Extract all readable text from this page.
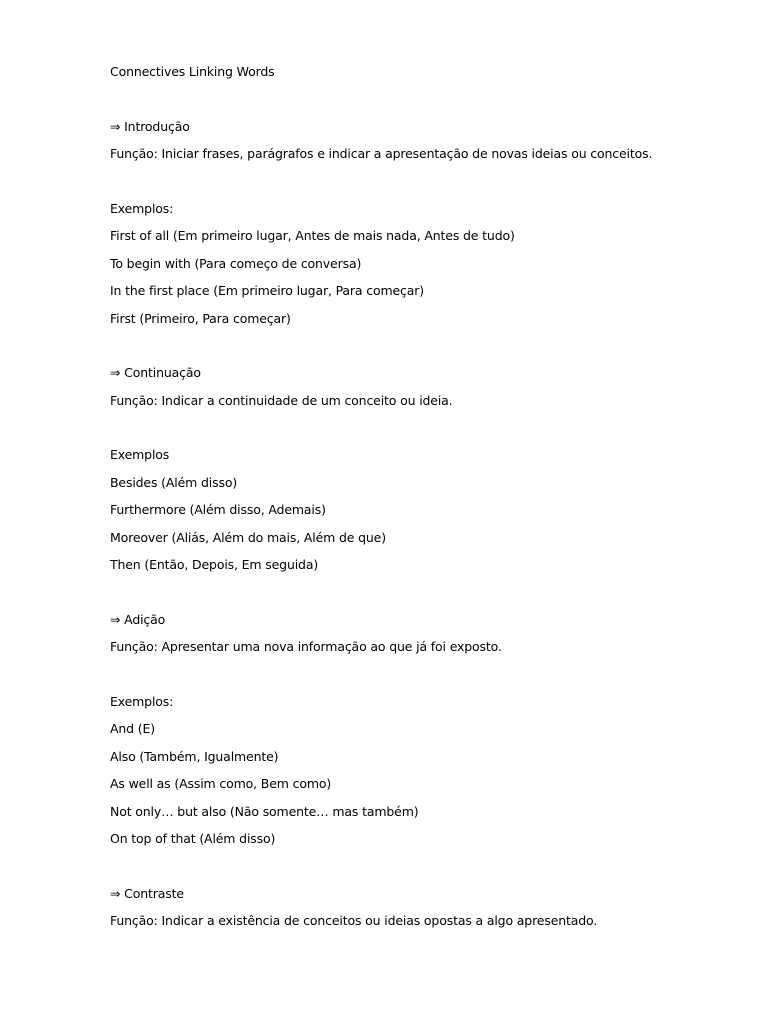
Connectives Linking Words
⇒ Introdução
Função: Iniciar frases, parágrafos e indicar a apresentação de novas ideias ou conceitos.
Exemplos:
First of all (Em primeiro lugar, Antes de mais nada, Antes de tudo)
To begin with (Para começo de conversa)
In the first place (Em primeiro lugar, Para começar)
First (Primeiro, Para começar)
⇒ Continuação
Função: Indicar a continuidade de um conceito ou ideia.
Exemplos
Besides (Além disso)
Furthermore (Além disso, Ademais)
Moreover (Aliás, Além do mais, Além de que)
Then (Então, Depois, Em seguida)
⇒ Adição
Função: Apresentar uma nova informação ao que já foi exposto.
Exemplos:
And (E)
Also (Também, Igualmente)
As well as (Assim como, Bem como)
Not only… but also (Não somente… mas também)
On top of that (Além disso)
⇒ Contraste
Função: Indicar a existência de conceitos ou ideias opostas a algo apresentado.
